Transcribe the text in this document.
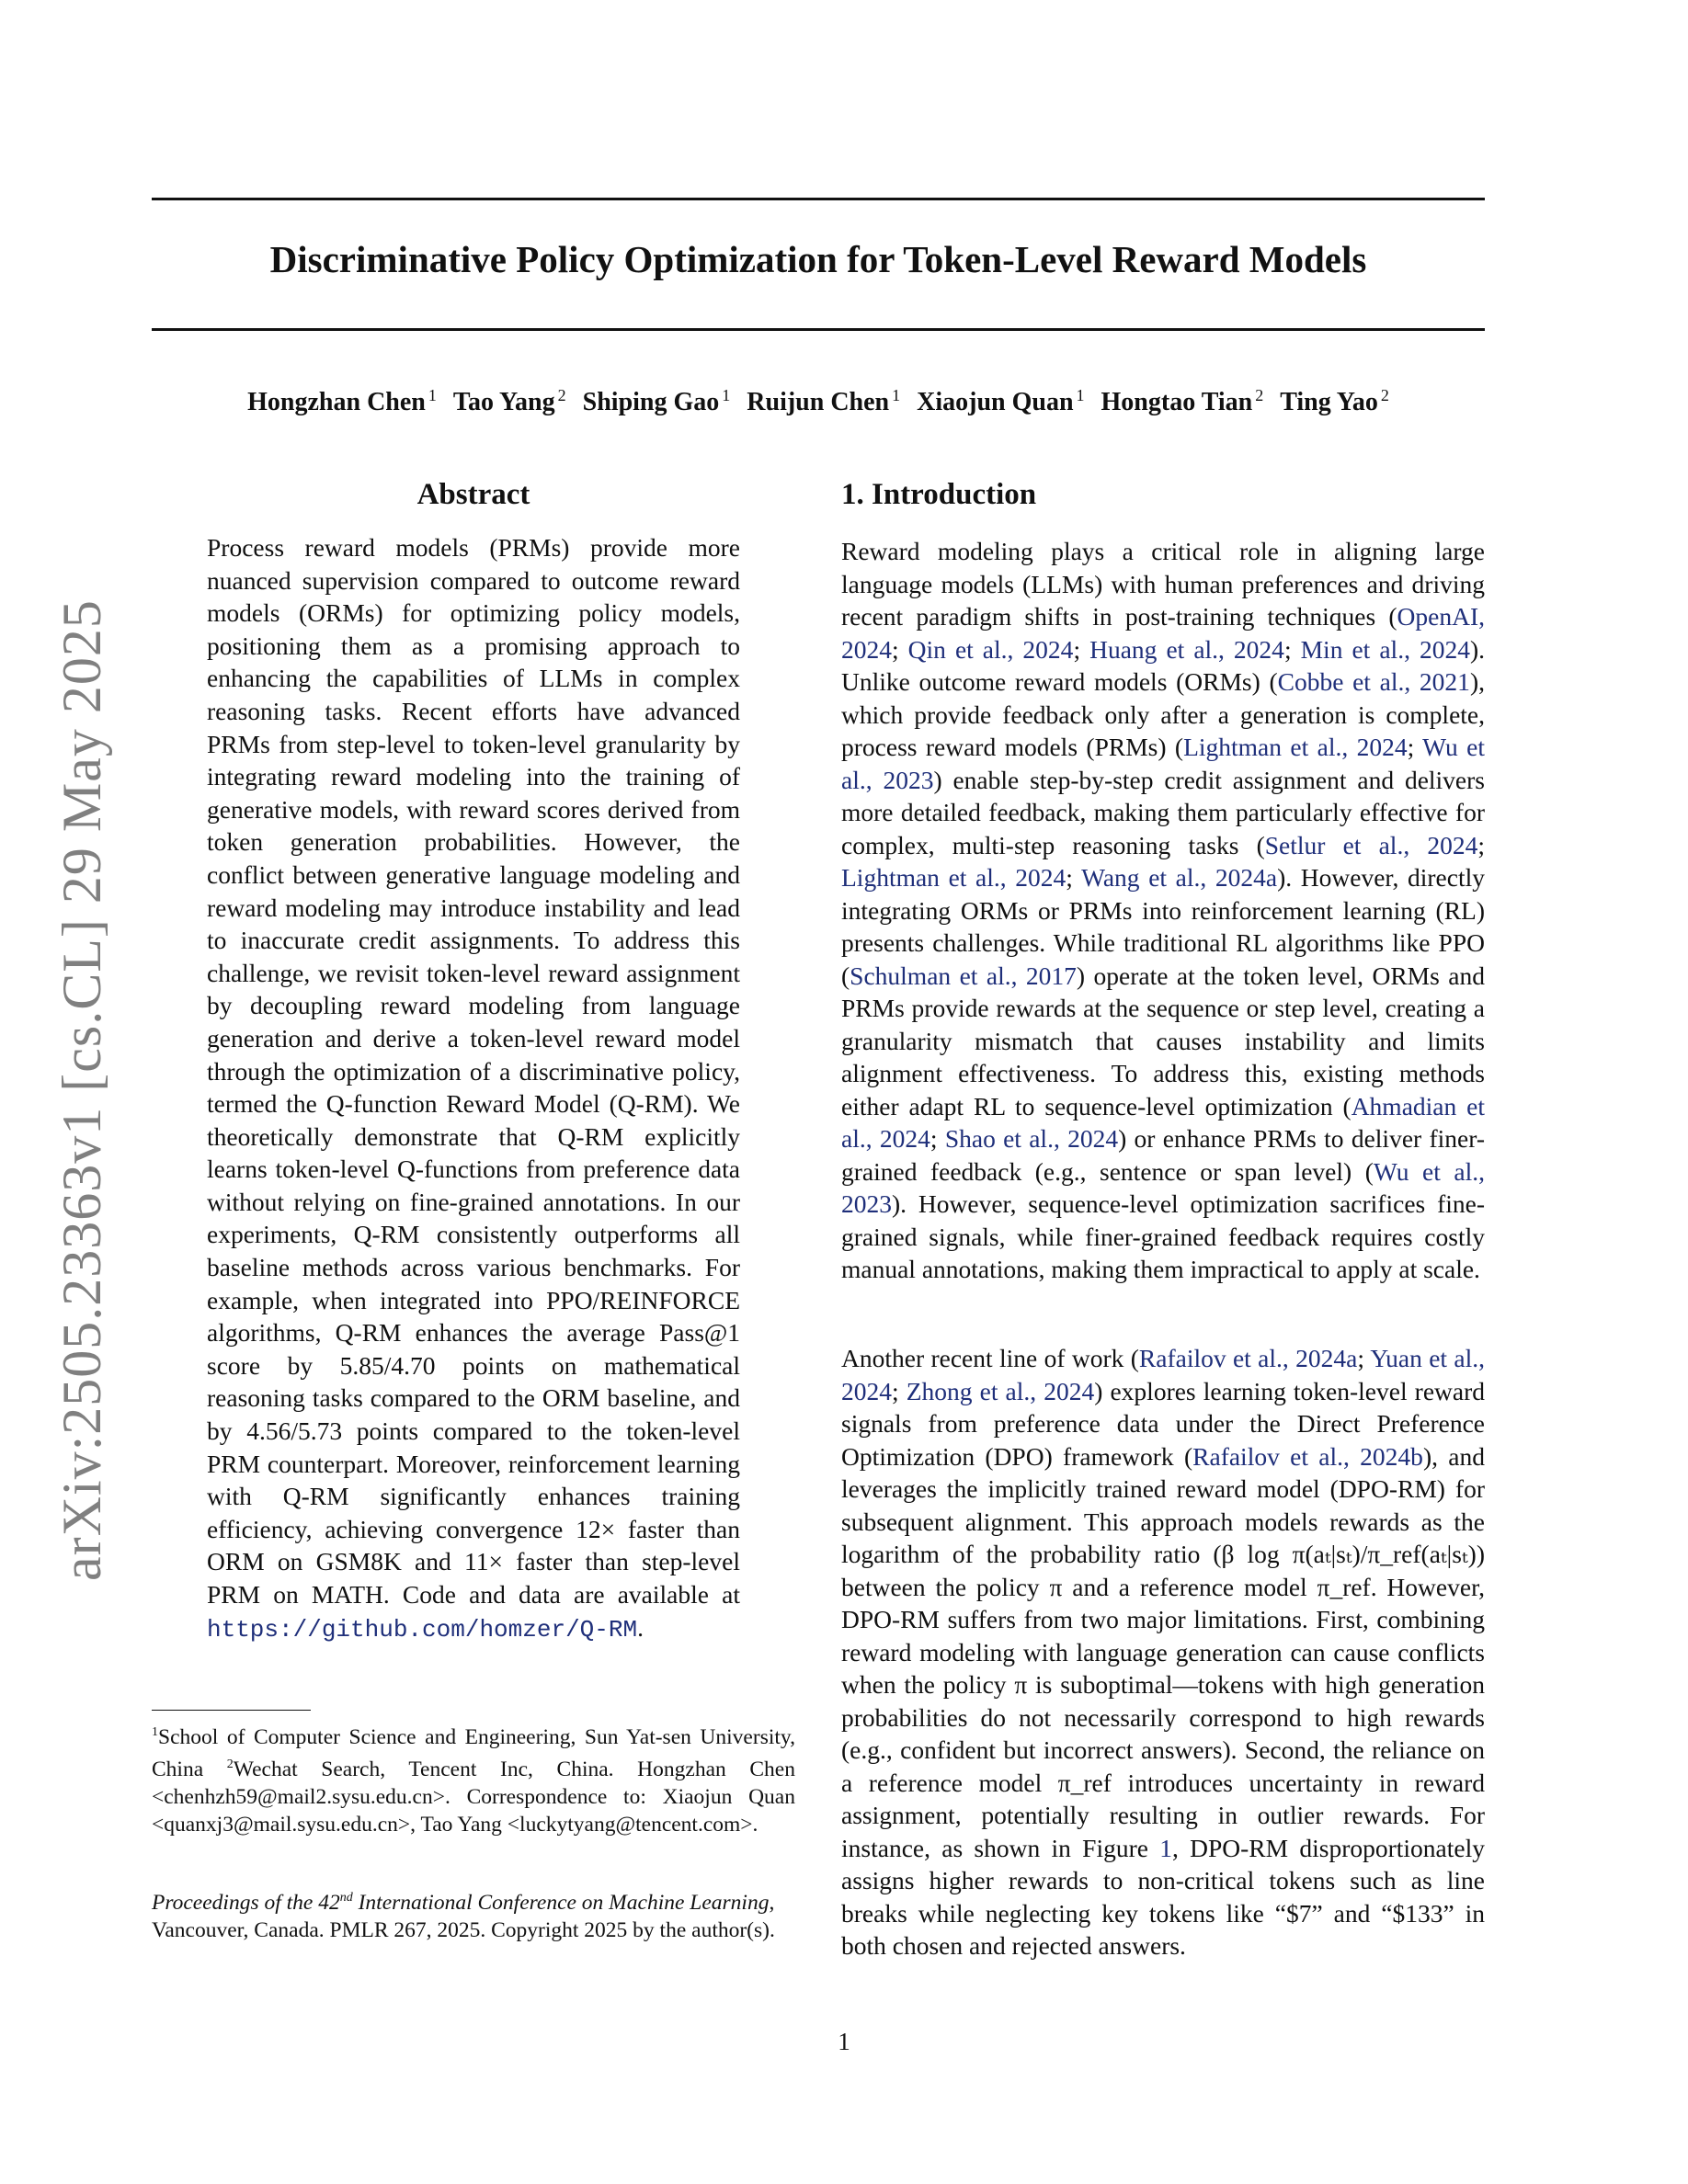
Discriminative Policy Optimization for Token-Level Reward Models
Hongzhan Chen $^1$ Tao Yang $^2$ Shiping Gao $^1$ Ruijun Chen $^1$ Xiaojun Quan $^1$ Hongtao Tian $^2$ Ting Yao $^2$
arXiv:2505.23363v1 [cs.CL] 29 May 2025
Abstract

Process reward models (PRMs) provide more nuanced supervision compared to outcome reward models (ORMs) for optimizing policy models, positioning them as a promising approach to enhancing the capabilities of LLMs in complex reasoning tasks. Recent efforts have advanced PRMs from step-level to token-level granularity by integrating reward modeling into the training of generative models, with reward scores derived from token generation probabilities. However, the conflict between generative language modeling and reward modeling may introduce instability and lead to inaccurate credit assignments. To address this challenge, we revisit token-level reward assignment by decoupling reward modeling from language generation and derive a token-level reward model through the optimization of a discriminative policy, termed the Q-function Reward Model (Q-RM). We theoretically demonstrate that Q-RM explicitly learns token-level Q-functions from preference data without relying on fine-grained annotations. In our experiments, Q-RM consistently outperforms all baseline methods across various benchmarks. For example, when integrated into PPO/REINFORCE algorithms, Q-RM enhances the average Pass@1 score by 5.85/4.70 points on mathematical reasoning tasks compared to the ORM baseline, and by 4.56/5.73 points compared to the token-level PRM counterpart. Moreover, reinforcement learning with Q-RM significantly enhances training efficiency, achieving convergence 12× faster than ORM on GSM8K and 11× faster than step-level PRM on MATH. Code and data are available at https://github.com/homzer/Q-RM.

$^1$School of Computer Science and Engineering, Sun Yat-sen University, China $^2$Wechat Search, Tencent Inc, China. Hongzhan Chen <chenhzh59@mail2.sysu.edu.cn>. Correspondence to: Xiaojun Quan <quanxj3@mail.sysu.edu.cn>, Tao Yang <luckytyang@tencent.com>.

Proceedings of the 42nd International Conference on Machine Learning, Vancouver, Canada. PMLR 267, 2025. Copyright 2025 by the author(s).

1. Introduction

Reward modeling plays a critical role in aligning large language models (LLMs) with human preferences and driving recent paradigm shifts in post-training techniques (OpenAI, 2024; Qin et al., 2024; Huang et al., 2024; Min et al., 2024). Unlike outcome reward models (ORMs) (Cobbe et al., 2021), which provide feedback only after a generation is complete, process reward models (PRMs) (Lightman et al., 2024; Wu et al., 2023) enable step-by-step credit assignment and delivers more detailed feedback, making them particularly effective for complex, multi-step reasoning tasks (Setlur et al., 2024; Lightman et al., 2024; Wang et al., 2024a). However, directly integrating ORMs or PRMs into reinforcement learning (RL) presents challenges. While traditional RL algorithms like PPO (Schulman et al., 2017) operate at the token level, ORMs and PRMs provide rewards at the sequence or step level, creating a granularity mismatch that causes instability and limits alignment effectiveness. To address this, existing methods either adapt RL to sequence-level optimization (Ahmadian et al., 2024; Shao et al., 2024) or enhance PRMs to deliver finer-grained feedback (e.g., sentence or span level) (Wu et al., 2023). However, sequence-level optimization sacrifices fine-grained signals, while finer-grained feedback requires costly manual annotations, making them impractical to apply at scale.

Another recent line of work (Rafailov et al., 2024a; Yuan et al., 2024; Zhong et al., 2024) explores learning token-level reward signals from preference data under the Direct Preference Optimization (DPO) framework (Rafailov et al., 2024b), and leverages the implicitly trained reward model (DPO-RM) for subsequent alignment. This approach models rewards as the logarithm of the probability ratio (β log π(aₜ|sₜ)/π_ref(aₜ|sₜ)) between the policy π and a reference model π_ref. However, DPO-RM suffers from two major limitations. First, combining reward modeling with language generation can cause conflicts when the policy π is suboptimal—tokens with high generation probabilities do not necessarily correspond to high rewards (e.g., confident but incorrect answers). Second, the reliance on a reference model π_ref introduces uncertainty in reward assignment, potentially resulting in outlier rewards. For instance, as shown in Figure 1, DPO-RM disproportionately assigns higher rewards to non-critical tokens such as line breaks while neglecting key tokens like “$7” and “$133” in both chosen and rejected answers.

1
